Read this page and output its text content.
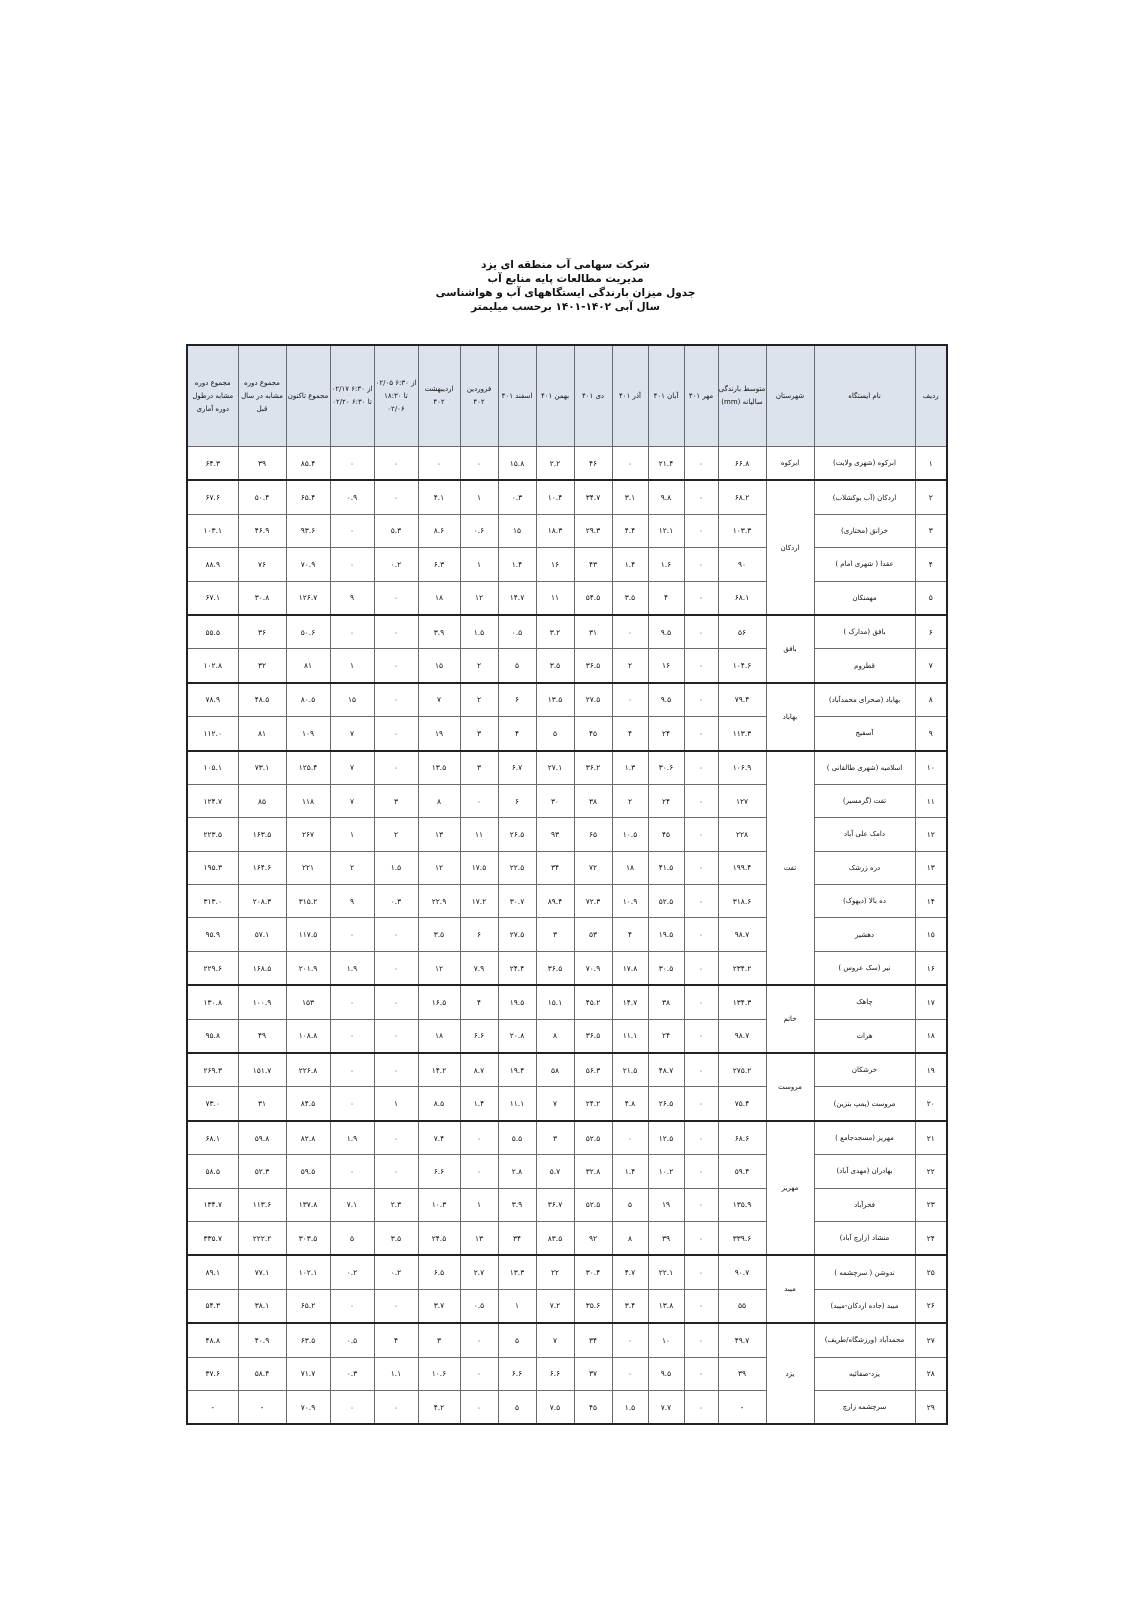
شرکت سهامی آب منطقه ای یزد
مدیریت مطالعات پایه منابع آب
جدول میزان بارندگی ایستگاههای آب و هواشناسی
سال آبی ۱۴۰۲-۱۴۰۱ برحسب میلیمتر
ردیف	نام ایستگاه	شهرستان	متوسط بارندگی سالیانه (mm)	مهر ۴۰۱	آبان ۴۰۱	آذر ۴۰۱	دی ۴۰۱	بهمن ۴۰۱	اسفند ۴۰۱	فروردین ۴۰۲	اردیبهشت ۴۰۲	از ۶:۳۰ ۰۲/۰۵ تا ۱۸:۳۰ ۰۲/۰۶	از ۶:۳۰ ۰۲/۱۷ تا ۶:۳۰ ۰۲/۲۰	مجموع تاکنون	مجموع دوره مشابه در سال قبل	مجموع دوره مشابه درطول دوره آماری
۱	ابرکوه (شهری ولایت)	ابرکوه	۶۶.۸	۰	۲۱.۴	۰	۴۶	۲.۲	۱۵.۸	۰	۰	۰	۰	۸۵.۴	۳۹	۶۴.۳
۲	اردکان (آب بوکشلاب)	اردکان	۶۸.۲	۰	۹.۸	۳.۱	۳۴.۷	۱۰.۴	۰.۳	۱	۴.۱	۰	۰.۹	۶۵.۴	۵۰.۴	۶۷.۶
۳	خرانق (مختاری)		۱۰۳.۳	۰	۱۲.۱	۴.۴	۲۹.۳	۱۸.۳	۱۵	۰.۶	۸.۶	۵.۳	۰	۹۳.۶	۴۶.۹	۱۰۳.۱
۴	عقدا ( شهری امام )		۹۰	۰	۱.۶	۱.۴	۴۳	۱۶	۱.۴	۱	۶.۳	۰.۲	۰	۷۰.۹	۷۶	۸۸.۹
۵	مهمنکان		۶۸.۱	۰	۴	۳.۵	۵۴.۵	۱۱	۱۴.۷	۱۲	۱۸	۰	۹	۱۲۶.۷	۳۰.۸	۶۷.۱
۶	بافق (مدارک )	بافق	۵۶	۰	۹.۵	۰	۳۱	۳.۲	۰.۵	۱.۵	۳.۹	۰	۰	۵۰.۶	۳۶	۵۵.۵
۷	قطروم		۱۰۴.۶	۰	۱۶	۲	۳۶.۵	۳.۵	۵	۲	۱۵	۰	۱	۸۱	۳۲	۱۰۲.۸
۸	بهاباد (صحرای محمدآباد)	بهاباد	۷۹.۴	۰	۹.۵	۰	۲۷.۵	۱۳.۵	۶	۲	۷	۰	۱۵	۸۰.۵	۴۸.۵	۷۸.۹
۹	آسفیج		۱۱۳.۳	۰	۲۴	۴	۴۵	۵	۴	۳	۱۹	۰	۷	۱۰۹	۸۱	۱۱۲.۰
۱۰	اسلامیه (شهری طالقانی )	تفت	۱۰۶.۹	۰	۳۰.۶	۱.۳	۳۶.۲	۲۷.۱	۶.۷	۳	۱۳.۵	۰	۷	۱۲۵.۴	۷۳.۱	۱۰۵.۱
۱۱	تفت (گرمسیر)		۱۲۷	۰	۲۴	۲	۳۸	۳۰	۶	۰	۸	۳	۷	۱۱۸	۸۵	۱۲۴.۷
۱۲	دامک علی آباد		۲۲۸	۰	۴۵	۱۰.۵	۶۵	۹۳	۲۶.۵	۱۱	۱۳	۲	۱	۲۶۷	۱۶۳.۵	۲۲۳.۵
۱۳	دره زرشک		۱۹۹.۴	۰	۴۱.۵	۱۸	۷۲	۳۴	۲۲.۵	۱۷.۵	۱۲	۱.۵	۲	۲۲۱	۱۶۴.۶	۱۹۵.۳
۱۴	ده بالا (دیهوک)		۳۱۸.۶	۰	۵۲.۵	۱۰.۹	۷۲.۳	۸۹.۴	۳۰.۷	۱۷.۲	۲۲.۹	۰.۳	۹	۳۱۵.۲	۲۰۸.۳	۳۱۳.۰
۱۵	دهشیر		۹۸.۷	۰	۱۹.۵	۴	۵۳	۳	۲۷.۵	۶	۳.۵	۰	۰	۱۱۷.۵	۵۷.۱	۹۵.۹
۱۶	نیر (سک عروس )		۲۳۴.۲	۰	۳۰.۵	۱۷.۸	۷۰.۹	۳۶.۵	۲۴.۴	۷.۹	۱۲	۰	۱.۹	۲۰۱.۹	۱۶۸.۵	۲۲۹.۶
۱۷	چاهک	خاتم	۱۳۴.۳	۰	۳۸	۱۴.۷	۴۵.۲	۱۵.۱	۱۹.۵	۴	۱۶.۵	۰	۰	۱۵۳	۱۰۰.۹	۱۳۰.۸
۱۸	هرات		۹۸.۷	۰	۲۴	۱۱.۱	۳۶.۵	۸	۲۰.۸	۶.۶	۱۸	۰	۰	۱۰۸.۸	۴۹	۹۵.۸
۱۹	خرشکان	مروست	۲۷۵.۲	۰	۴۸.۷	۲۱.۵	۵۶.۳	۵۸	۱۹.۴	۸.۷	۱۴.۲	۰	۰	۲۲۶.۸	۱۵۱.۷	۲۶۹.۳
۲۰	مروست (پمپ بنزین)		۷۵.۴	۰	۲۶.۵	۴.۸	۲۴.۲	۷	۱۱.۱	۱.۴	۸.۵	۱	۰	۸۴.۵	۳۱	۷۳.۰
۲۱	مهریز (مسجدجامع )	مهریز	۶۸.۶	۰	۱۲.۵	۰	۵۲.۵	۳	۵.۵	۰	۷.۴	۰	۱.۹	۸۲.۸	۵۹.۸	۶۸.۱
۲۲	بهادران (مهدی آباد)		۵۹.۴	۰	۱۰.۲	۱.۴	۳۲.۸	۵.۷	۲.۸	۰	۶.۶	۰	۰	۵۹.۵	۵۲.۳	۵۸.۵
۲۳	فخرآباد		۱۳۵.۹	۰	۱۹	۵	۵۲.۵	۳۶.۷	۳.۹	۱	۱۰.۳	۲.۳	۷.۱	۱۳۷.۸	۱۱۳.۶	۱۳۴.۷
۲۴	منشاد (زارچ آباد)		۳۳۹.۶	۰	۳۹	۸	۹۲	۸۳.۵	۳۴	۱۳	۲۴.۵	۳.۵	۵	۳۰۳.۵	۲۲۲.۲	۳۳۵.۷
۲۵	ندوشن ( سرچشمه )	میبد	۹۰.۷	۰	۲۲.۱	۴.۷	۳۰.۴	۲۲	۱۳.۳	۲.۷	۶.۵	۰.۲	۰.۲	۱۰۲.۱	۷۷.۱	۸۹.۱
۲۶	میبد (جاده اردکان-میبد)		۵۵	۰	۱۳.۸	۳.۴	۳۵.۶	۷.۲	۱	۰.۵	۳.۷	۰	۰	۶۵.۲	۳۸.۱	۵۴.۳
۲۷	محمدآباد (ورزشگاه/طریف)	یزد	۴۹.۷	۰	۱۰	۰	۳۴	۷	۵	۰	۳	۴	۰.۵	۶۳.۵	۴۰.۹	۴۸.۸
۲۸	یزد-صفائیه		۳۹	۰	۹.۵	۰	۳۷	۶.۶	۶.۶	۰	۱۰.۶	۱.۱	۰.۳	۷۱.۷	۵۸.۴	۳۷.۶
۲۹	سرچشمه زارچ		-	۰	۷.۷	۱.۵	۴۵	۷.۵	۵	۰	۴.۲	۰	۰	۷۰.۹	-	-
